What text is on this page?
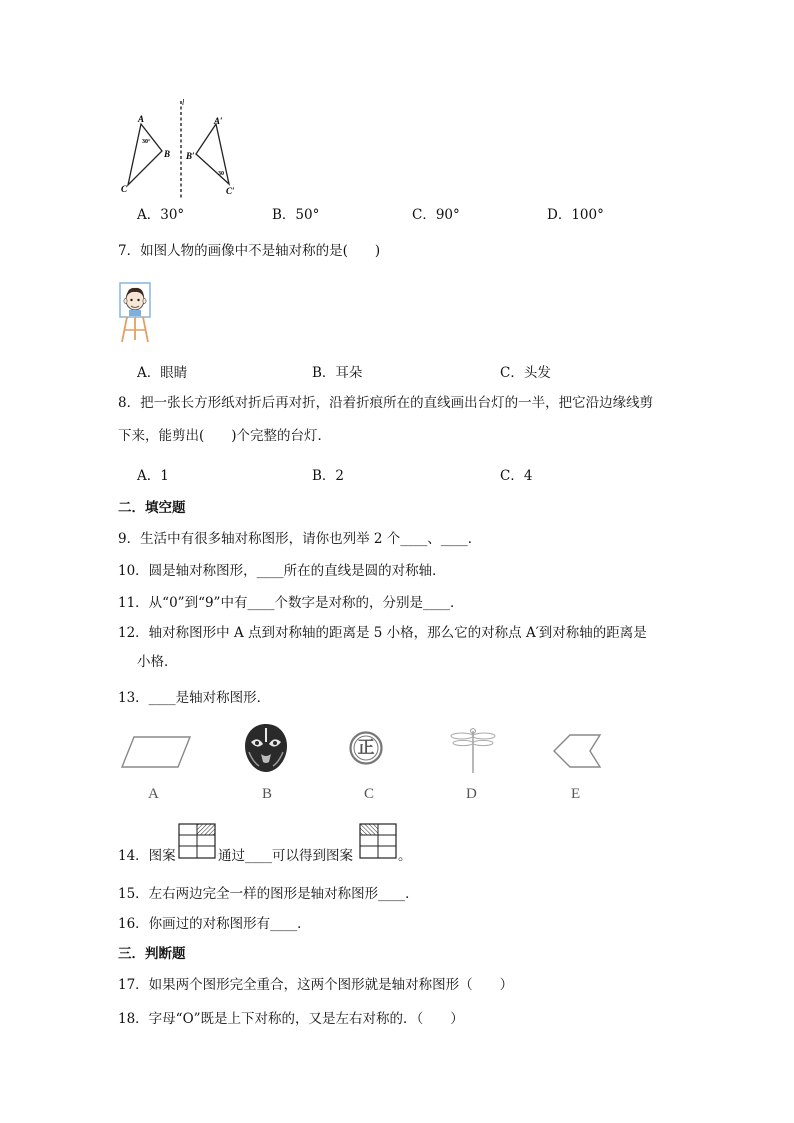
l
A
B
C
30°
A′
B′
C′
30
A．30°	B．50°	C．90°	D．100°
7．如图人物的画像中不是轴对称的是(　　)
A．眼睛	B．耳朵	C．头发
8．把一张长方形纸对折后再对折，沿着折痕所在的直线画出台灯的一半，把它沿边缘线剪
下来，能剪出(　　)个完整的台灯．
A．1	B．2	C．4
二．填空题
9．生活中有很多轴对称图形，请你也列举 2 个____、____．
10．圆是轴对称图形，____所在的直线是圆的对称轴．
11．从“0”到“9”中有____个数字是对称的，分别是____．
12．轴对称图形中 A 点到对称轴的距离是 5 小格，那么它的对称点 A′到对称轴的距离是
小格．
13．____是轴对称图形．
A	B
正
C	D	E
14．图案	通过____可以得到图案	。
15．左右两边完全一样的图形是轴对称图形____．
16．你画过的对称图形有____．
三．判断题
17．如果两个图形完全重合，这两个图形就是轴对称图形（　　）
18．字母“O”既是上下对称的，又是左右对称的．（　　）
